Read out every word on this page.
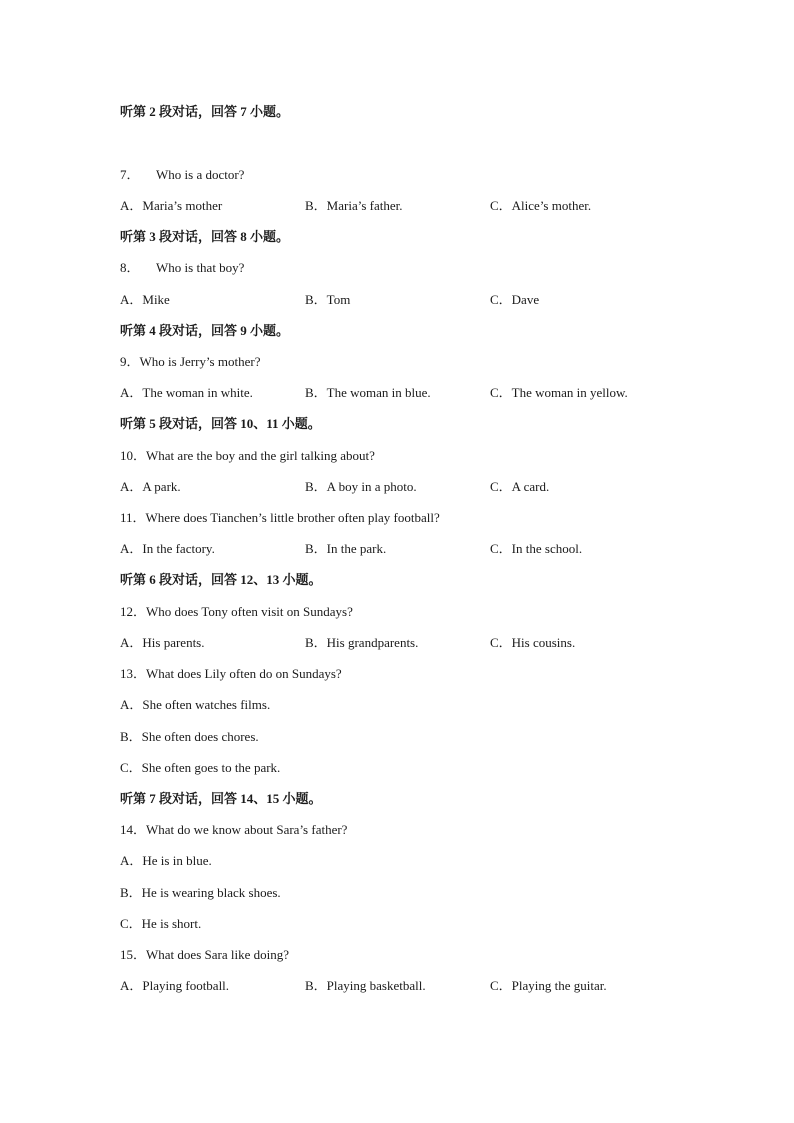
听第 2 段对话，回答 7 小题。
7． Who is a doctor?
A．Maria’s mother	B．Maria’s father.	C．Alice’s mother.
听第 3 段对话，回答 8 小题。
8． Who is that boy?
A．Mike	B．Tom	C．Dave
听第 4 段对话，回答 9 小题。
9．Who is Jerry’s mother?
A．The woman in white.	B．The woman in blue.	C．The woman in yellow.
听第 5 段对话，回答 10、11 小题。
10．What are the boy and the girl talking about?
A．A park.	B．A boy in a photo.	C．A card.
11．Where does Tianchen’s little brother often play football?
A．In the factory.	B．In the park.	C．In the school.
听第 6 段对话，回答 12、13 小题。
12．Who does Tony often visit on Sundays?
A．His parents.	B．His grandparents.	C．His cousins.
13．What does Lily often do on Sundays?
A．She often watches films.
B．She often does chores.
C．She often goes to the park.
听第 7 段对话，回答 14、15 小题。
14．What do we know about Sara’s father?
A．He is in blue.
B．He is wearing black shoes.
C．He is short.
15．What does Sara like doing?
A．Playing football.	B．Playing basketball.	C．Playing the guitar.
